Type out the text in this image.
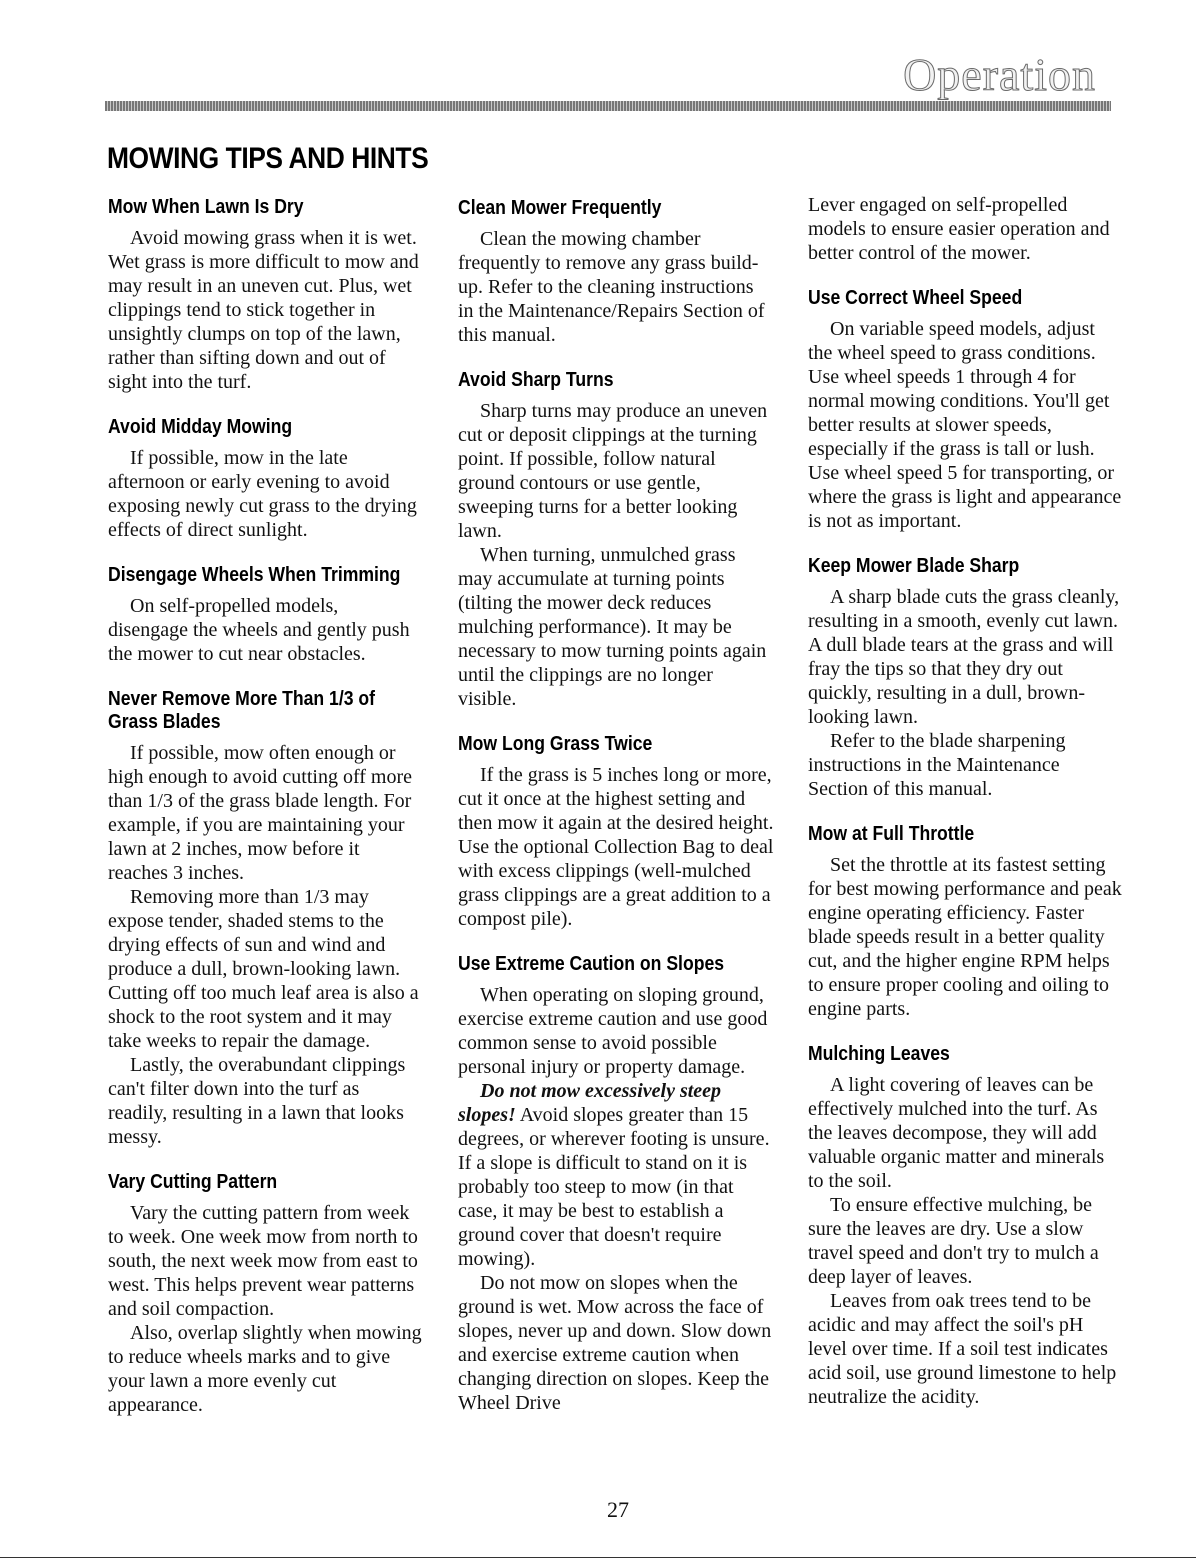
Operation
MOWING TIPS AND HINTS
Mow When Lawn Is Dry

Avoid mowing grass when it is wet. Wet grass is more difficult to mow and may result in an uneven cut. Plus, wet clippings tend to stick together in unsightly clumps on top of the lawn, rather than sifting down and out of sight into the turf.

Avoid Midday Mowing

If possible, mow in the late afternoon or early evening to avoid exposing newly cut grass to the drying effects of direct sunlight.

Disengage Wheels When Trimming

On self-propelled models, disengage the wheels and gently push the mower to cut near obstacles.

Never Remove More Than 1/3 of Grass Blades

If possible, mow often enough or high enough to avoid cutting off more than 1/3 of the grass blade length. For example, if you are maintaining your lawn at 2 inches, mow before it reaches 3 inches.

Removing more than 1/3 may expose tender, shaded stems to the drying effects of sun and wind and produce a dull, brown-looking lawn. Cutting off too much leaf area is also a shock to the root system and it may take weeks to repair the damage.

Lastly, the overabundant clippings can't filter down into the turf as readily, resulting in a lawn that looks messy.

Vary Cutting Pattern

Vary the cutting pattern from week to week. One week mow from north to south, the next week mow from east to west. This helps prevent wear patterns and soil compaction.

Also, overlap slightly when mowing to reduce wheels marks and to give your lawn a more evenly cut appearance.

Clean Mower Frequently

Clean the mowing chamber frequently to remove any grass build-up. Refer to the cleaning instructions in the Maintenance/Repairs Section of this manual.

Avoid Sharp Turns

Sharp turns may produce an uneven cut or deposit clippings at the turning point. If possible, follow natural ground contours or use gentle, sweeping turns for a better looking lawn.

When turning, unmulched grass may accumulate at turning points (tilting the mower deck reduces mulching performance). It may be necessary to mow turning points again until the clippings are no longer visible.

Mow Long Grass Twice

If the grass is 5 inches long or more, cut it once at the highest setting and then mow it again at the desired height. Use the optional Collection Bag to deal with excess clippings (well-mulched grass clippings are a great addition to a compost pile).

Use Extreme Caution on Slopes

When operating on sloping ground, exercise extreme caution and use good common sense to avoid possible personal injury or property damage.

Do not mow excessively steep slopes! Avoid slopes greater than 15 degrees, or wherever footing is unsure. If a slope is difficult to stand on it is probably too steep to mow (in that case, it may be best to establish a ground cover that doesn't require mowing).

Do not mow on slopes when the ground is wet. Mow across the face of slopes, never up and down. Slow down and exercise extreme caution when changing direction on slopes. Keep the Wheel Drive

Lever engaged on self-propelled models to ensure easier operation and better control of the mower.

Use Correct Wheel Speed

On variable speed models, adjust the wheel speed to grass conditions. Use wheel speeds 1 through 4 for normal mowing conditions. You'll get better results at slower speeds, especially if the grass is tall or lush. Use wheel speed 5 for transporting, or where the grass is light and appearance is not as important.

Keep Mower Blade Sharp

A sharp blade cuts the grass cleanly, resulting in a smooth, evenly cut lawn. A dull blade tears at the grass and will fray the tips so that they dry out quickly, resulting in a dull, brown-looking lawn.

Refer to the blade sharpening instructions in the Maintenance Section of this manual.

Mow at Full Throttle

Set the throttle at its fastest setting for best mowing performance and peak engine operating efficiency. Faster blade speeds result in a better quality cut, and the higher engine RPM helps to ensure proper cooling and oiling to engine parts.

Mulching Leaves

A light covering of leaves can be effectively mulched into the turf. As the leaves decompose, they will add valuable organic matter and minerals to the soil.

To ensure effective mulching, be sure the leaves are dry. Use a slow travel speed and don't try to mulch a deep layer of leaves.

Leaves from oak trees tend to be acidic and may affect the soil's pH level over time. If a soil test indicates acid soil, use ground limestone to help neutralize the acidity.

27
